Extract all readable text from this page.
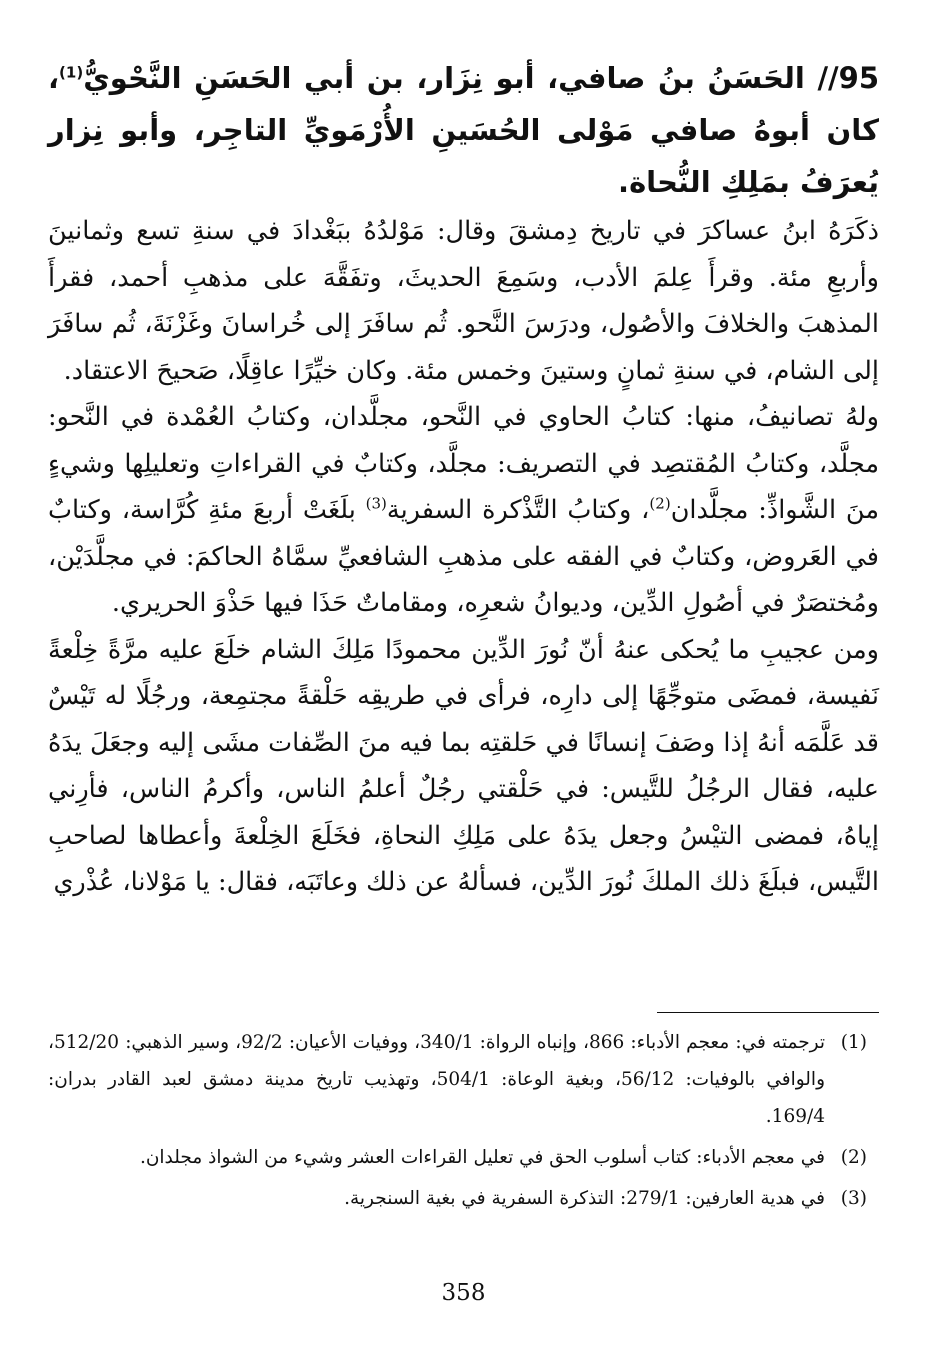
95// الحَسَنُ بنُ صافي، أبو نِزَار، بن أبي الحَسَنِ النَّحْويُّ$^{(1)}$، كان أبوهُ صافي مَوْلى الحُسَينِ الأُرْمَويِّ التاجِر، وأبو نِزار يُعرَفُ بمَلِكِ النُّحاة.

ذكَرَهُ ابنُ عساكرَ في تاريخ دِمشقَ وقال: مَوْلدُهُ ببَغْدادَ في سنةِ تسع وثمانينَ وأربعِ مئة. وقرأَ عِلمَ الأدب، وسَمِعَ الحديثَ، وتفَقَّهَ على مذهبِ أحمد، فقرأَ المذهبَ والخلافَ والأصُول، ودرَسَ النَّحو. ثُم سافَرَ إلى خُراسانَ وغَزْنَةَ، ثُم سافَرَ إلى الشام، في سنةِ ثمانٍ وستينَ وخمس مئة. وكان خيِّرًا عاقِلًا، صَحيحَ الاعتقاد.

ولهُ تصانيفُ، منها: كتابُ الحاوي في النَّحو، مجلَّدان، وكتابُ العُمْدة في النَّحو: مجلَّد، وكتابُ المُقتصِد في التصريف: مجلَّد، وكتابٌ في القراءاتِ وتعليلِها وشيءٍ منَ الشَّواذِّ: مجلَّدان$^{(2)}$، وكتابُ التَّذْكرة السفرية$^{(3)}$ بلَغَتْ أربعَ مئةِ كُرَّاسة، وكتابٌ في العَروض، وكتابٌ في الفقه على مذهبِ الشافعيِّ سمَّاهُ الحاكمَ: في مجلَّدَيْن، ومُختصَرٌ في أصُولِ الدِّين، وديوانُ شعرِه، ومقاماتٌ حَذَا فيها حَذْوَ الحريري.

ومن عجيبِ ما يُحكى عنهُ أنّ نُورَ الدِّين محمودًا مَلِكَ الشام خلَعَ عليه مرَّةً خِلْعةً نَفيسة، فمضَى متوجِّهًا إلى دارِه، فرأى في طريقِه حَلْقةً مجتمِعة، ورجُلًا له تَيْسٌ قد عَلَّمَه أنهُ إذا وصَفَ إنسانًا في حَلقتِه بما فيه منَ الصِّفات مشَى إليه وجعَلَ يدَهُ عليه، فقال الرجُلُ للتَّيس: في حَلْقتي رجُلٌ أعلمُ الناس، وأكرمُ الناس، فأرِني إياهُ، فمضى التيْسُ وجعل يدَهُ على مَلِكِ النحاةِ، فخَلَعَ الخِلْعةَ وأعطاها لصاحبِ التَّيس، فبلَغَ ذلك الملكَ نُورَ الدِّين، فسألهُ عن ذلك وعاتَبَه، فقال: يا مَوْلانا، عُذْري

(1)
ترجمته في: معجم الأدباء: 866، وإنباه الرواة: 340/1، ووفيات الأعيان: 92/2، وسير الذهبي: 512/20، والوافي بالوفيات: 56/12، وبغية الوعاة: 504/1، وتهذيب تاريخ مدينة دمشق لعبد القادر بدران: 169/4.
(2)
في معجم الأدباء: كتاب أسلوب الحق في تعليل القراءات العشر وشيء من الشواذ مجلدان.
(3)
في هدية العارفين: 279/1: التذكرة السفرية في بغية السنجرية.
358
